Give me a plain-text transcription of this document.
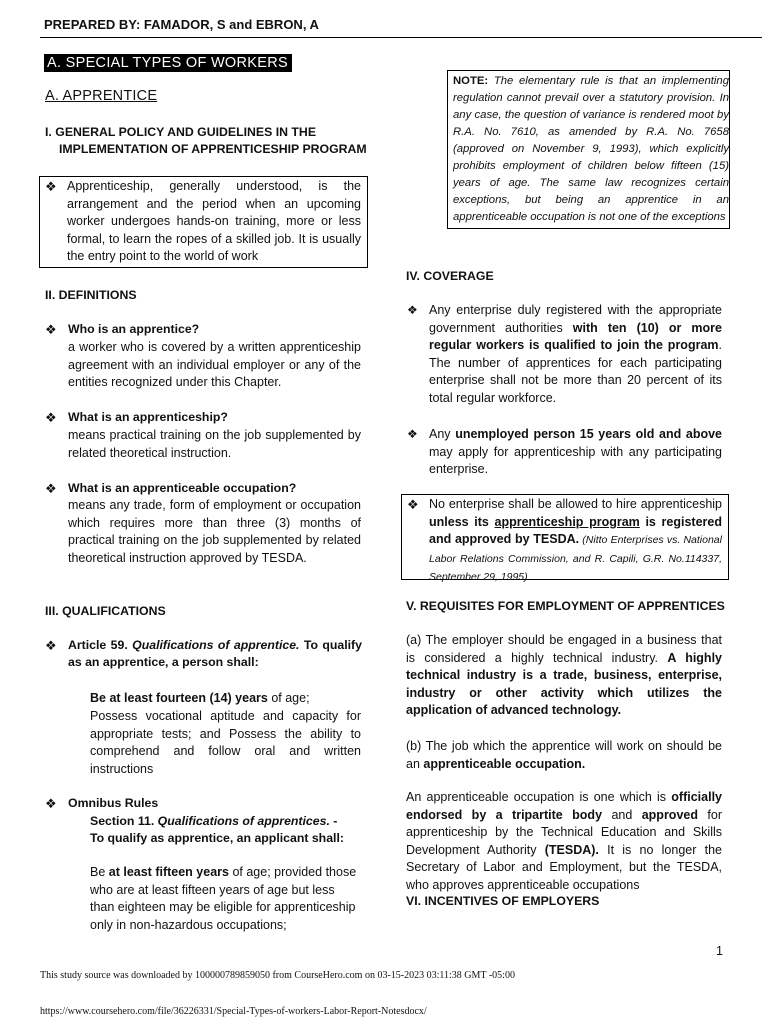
PREPARED BY: FAMADOR, S and EBRON, A
A. SPECIAL TYPES OF WORKERS
A. APPRENTICE
I. GENERAL POLICY AND GUIDELINES IN THE
IMPLEMENTATION OF APPRENTICESHIP PROGRAM
❖ Apprenticeship, generally understood, is the arrangement and the period when an upcoming worker undergoes hands-on training, more or less formal, to learn the ropes of a skilled job. It is usually the entry point to the world of work
II. DEFINITIONS
❖ Who is an apprentice?
a worker who is covered by a written apprenticeship agreement with an individual employer or any of the entities recognized under this Chapter.
❖ What is an apprenticeship?
means practical training on the job supplemented by related theoretical instruction.
❖ What is an apprenticeable occupation?
means any trade, form of employment or occupation which requires more than three (3) months of practical training on the job supplemented by related theoretical instruction approved by TESDA.
III. QUALIFICATIONS
❖ Article 59. Qualifications of apprentice. To qualify as an apprentice, a person shall:
Be at least fourteen (14) years of age;
Possess vocational aptitude and capacity for appropriate tests; and Possess the ability to comprehend and follow oral and written instructions
❖ Omnibus Rules
Section 11. Qualifications of apprentices. - To qualify as apprentice, an applicant shall:
Be at least fifteen years of age; provided those who are at least fifteen years of age but less than eighteen may be eligible for apprenticeship only in non-hazardous occupations;
NOTE: The elementary rule is that an implementing regulation cannot prevail over a statutory provision. In any case, the question of variance is rendered moot by R.A. No. 7610, as amended by R.A. No. 7658 (approved on November 9, 1993), which explicitly prohibits employment of children below fifteen (15) years of age. The same law recognizes certain exceptions, but being an apprentice in an apprenticeable occupation is not one of the exceptions
IV. COVERAGE
❖ Any enterprise duly registered with the appropriate government authorities with ten (10) or more regular workers is qualified to join the program. The number of apprentices for each participating enterprise shall not be more than 20 percent of its total regular workforce.
❖ Any unemployed person 15 years old and above may apply for apprenticeship with any participating enterprise.
❖ No enterprise shall be allowed to hire apprenticeship unless its apprenticeship program is registered and approved by TESDA. (Nitto Enterprises vs. National Labor Relations Commission, and R. Capili, G.R. No.114337, September 29, 1995)
V. REQUISITES FOR EMPLOYMENT OF APPRENTICES
(a) The employer should be engaged in a business that is considered a highly technical industry. A highly technical industry is a trade, business, enterprise, industry or other activity which utilizes the application of advanced technology.
(b) The job which the apprentice will work on should be an apprenticeable occupation.
An apprenticeable occupation is one which is officially endorsed by a tripartite body and approved for apprenticeship by the Technical Education and Skills Development Authority (TESDA). It is no longer the Secretary of Labor and Employment, but the TESDA, who approves apprenticeable occupations
VI. INCENTIVES OF EMPLOYERS
1
This study source was downloaded by 100000789859050 from CourseHero.com on 03-15-2023 03:11:38 GMT -05:00
https://www.coursehero.com/file/36226331/Special-Types-of-workers-Labor-Report-Notesdocx/
